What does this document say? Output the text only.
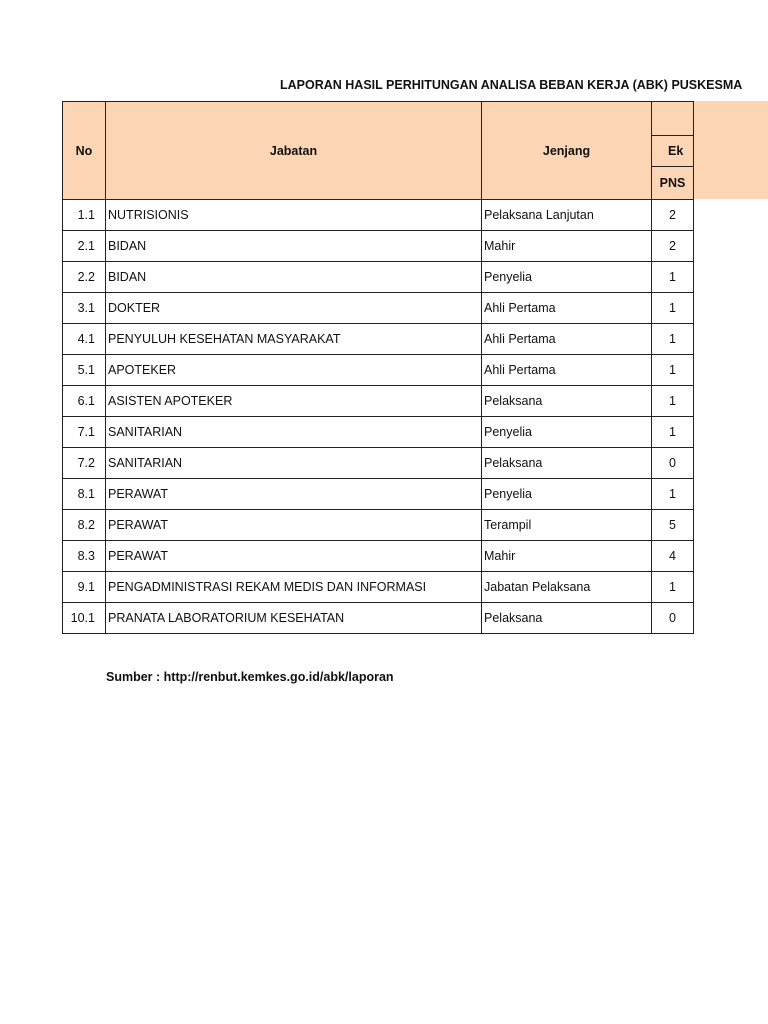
LAPORAN HASIL PERHITUNGAN ANALISA BEBAN KERJA (ABK) PUSKESMA
No	Jabatan	Jenjang	
			Ek
			PNS
1.1	NUTRISIONIS	Pelaksana Lanjutan	2
2.1	BIDAN	Mahir	2
2.2	BIDAN	Penyelia	1
3.1	DOKTER	Ahli Pertama	1
4.1	PENYULUH KESEHATAN MASYARAKAT	Ahli Pertama	1
5.1	APOTEKER	Ahli Pertama	1
6.1	ASISTEN APOTEKER	Pelaksana	1
7.1	SANITARIAN	Penyelia	1
7.2	SANITARIAN	Pelaksana	0
8.1	PERAWAT	Penyelia	1
8.2	PERAWAT	Terampil	5
8.3	PERAWAT	Mahir	4
9.1	PENGADMINISTRASI REKAM MEDIS DAN INFORMASI	Jabatan Pelaksana	1
10.1	PRANATA LABORATORIUM KESEHATAN	Pelaksana	0
Sumber : http://renbut.kemkes.go.id/abk/laporan
